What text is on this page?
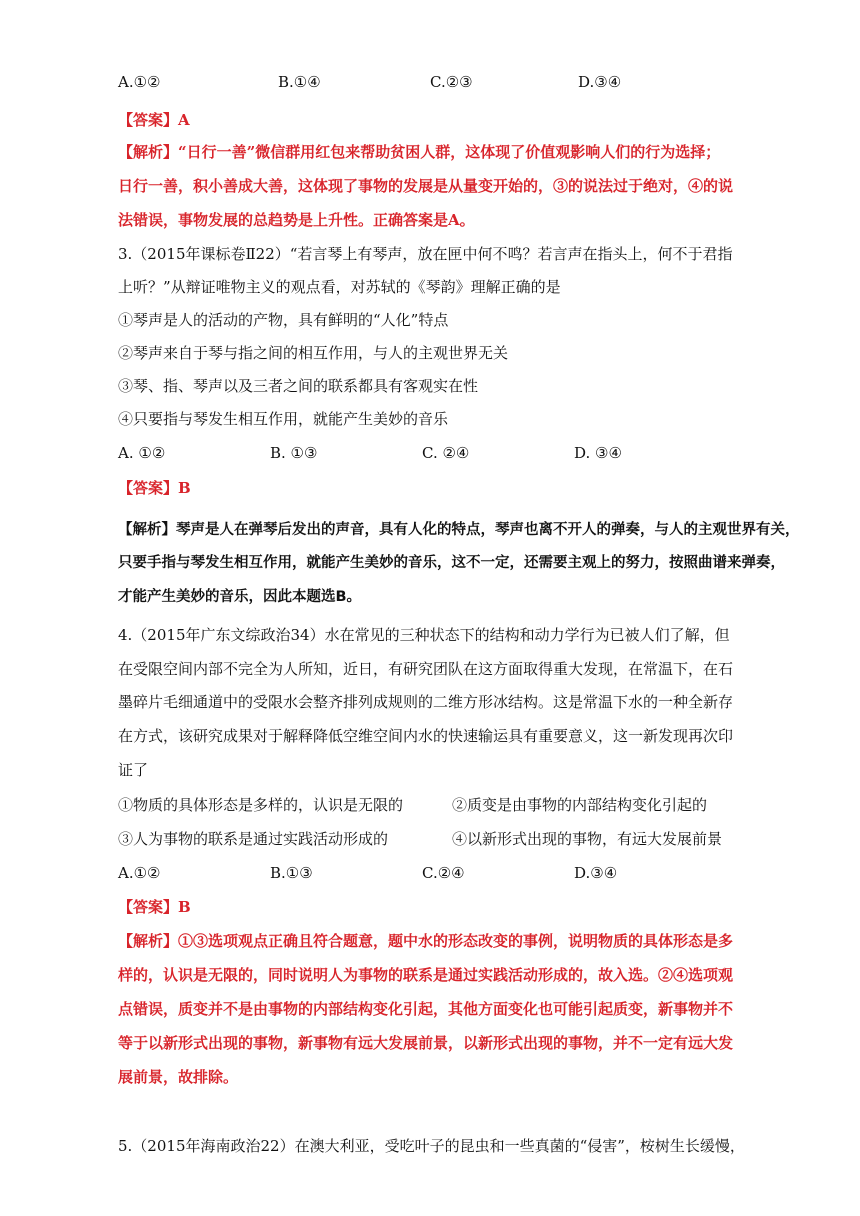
A.①②	B.①④	C.②③	D.③④
【答案】A
【解析】“日行一善”微信群用红包来帮助贫困人群，这体现了价值观影响人们的行为选择；
日行一善，积小善成大善，这体现了事物的发展是从量变开始的，③的说法过于绝对，④的说
法错误，事物发展的总趋势是上升性。正确答案是A。
3.（2015年课标卷Ⅱ22）“若言琴上有琴声，放在匣中何不鸣？若言声在指头上，何不于君指
上听？”从辩证唯物主义的观点看，对苏轼的《琴韵》理解正确的是
①琴声是人的活动的产物，具有鲜明的“人化”特点
②琴声来自于琴与指之间的相互作用，与人的主观世界无关
③琴、指、琴声以及三者之间的联系都具有客观实在性
④只要指与琴发生相互作用，就能产生美妙的音乐
A. ①②	B. ①③	C. ②④	D. ③④
【答案】B
【解析】琴声是人在弹琴后发出的声音，具有人化的特点，琴声也离不开人的弹奏，与人的主观世界有关，
只要手指与琴发生相互作用，就能产生美妙的音乐，这不一定，还需要主观上的努力，按照曲谱来弹奏，
才能产生美妙的音乐，因此本题选B。
4.（2015年广东文综政治34）水在常见的三种状态下的结构和动力学行为已被人们了解，但
在受限空间内部不完全为人所知，近日，有研究团队在这方面取得重大发现，在常温下，在石
墨碎片毛细通道中的受限水会整齐排列成规则的二维方形冰结构。这是常温下水的一种全新存
在方式，该研究成果对于解释降低空维空间内水的快速输运具有重要意义，这一新发现再次印
证了
①物质的具体形态是多样的，认识是无限的	②质变是由事物的内部结构变化引起的
③人为事物的联系是通过实践活动形成的	④以新形式出现的事物，有远大发展前景
A.①②	B.①③	C.②④	D.③④
【答案】B
【解析】①③选项观点正确且符合题意，题中水的形态改变的事例，说明物质的具体形态是多
样的，认识是无限的，同时说明人为事物的联系是通过实践活动形成的，故入选。②④选项观
点错误，质变并不是由事物的内部结构变化引起，其他方面变化也可能引起质变，新事物并不
等于以新形式出现的事物，新事物有远大发展前景，以新形式出现的事物，并不一定有远大发
展前景，故排除。
5.（2015年海南政治22）在澳大利亚，受吃叶子的昆虫和一些真菌的“侵害”，桉树生长缓慢，
